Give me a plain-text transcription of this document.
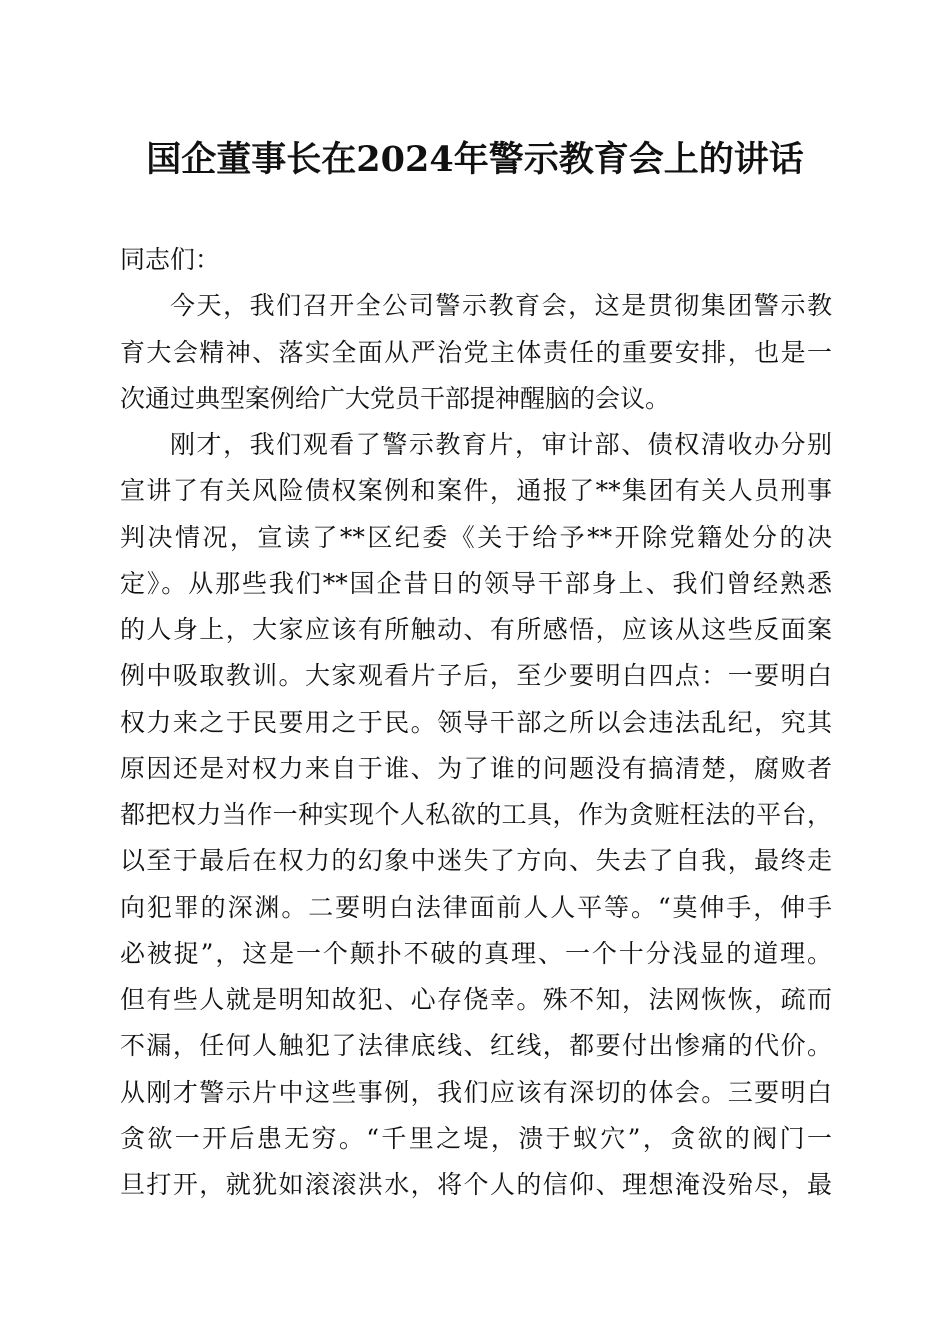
国企董事长在2024年警示教育会上的讲话
同志们：
今天，我们召开全公司警示教育会，这是贯彻集团警示教
育大会精神、落实全面从严治党主体责任的重要安排，也是一
次通过典型案例给广大党员干部提神醒脑的会议。
刚才，我们观看了警示教育片，审计部、债权清收办分别
宣讲了有关风险债权案例和案件，通报了**集团有关人员刑事
判决情况，宣读了**区纪委《关于给予**开除党籍处分的决
定》。从那些我们**国企昔日的领导干部身上、我们曾经熟悉
的人身上，大家应该有所触动、有所感悟，应该从这些反面案
例中吸取教训。大家观看片子后，至少要明白四点：一要明白
权力来之于民要用之于民。领导干部之所以会违法乱纪，究其
原因还是对权力来自于谁、为了谁的问题没有搞清楚，腐败者
都把权力当作一种实现个人私欲的工具，作为贪赃枉法的平台，
以至于最后在权力的幻象中迷失了方向、失去了自我，最终走
向犯罪的深渊。二要明白法律面前人人平等。“莫伸手，伸手
必被捉”，这是一个颠扑不破的真理、一个十分浅显的道理。
但有些人就是明知故犯、心存侥幸。殊不知，法网恢恢，疏而
不漏，任何人触犯了法律底线、红线，都要付出惨痛的代价。
从刚才警示片中这些事例，我们应该有深切的体会。三要明白
贪欲一开后患无穷。“千里之堤，溃于蚁穴”，贪欲的阀门一
旦打开，就犹如滚滚洪水，将个人的信仰、理想淹没殆尽，最
